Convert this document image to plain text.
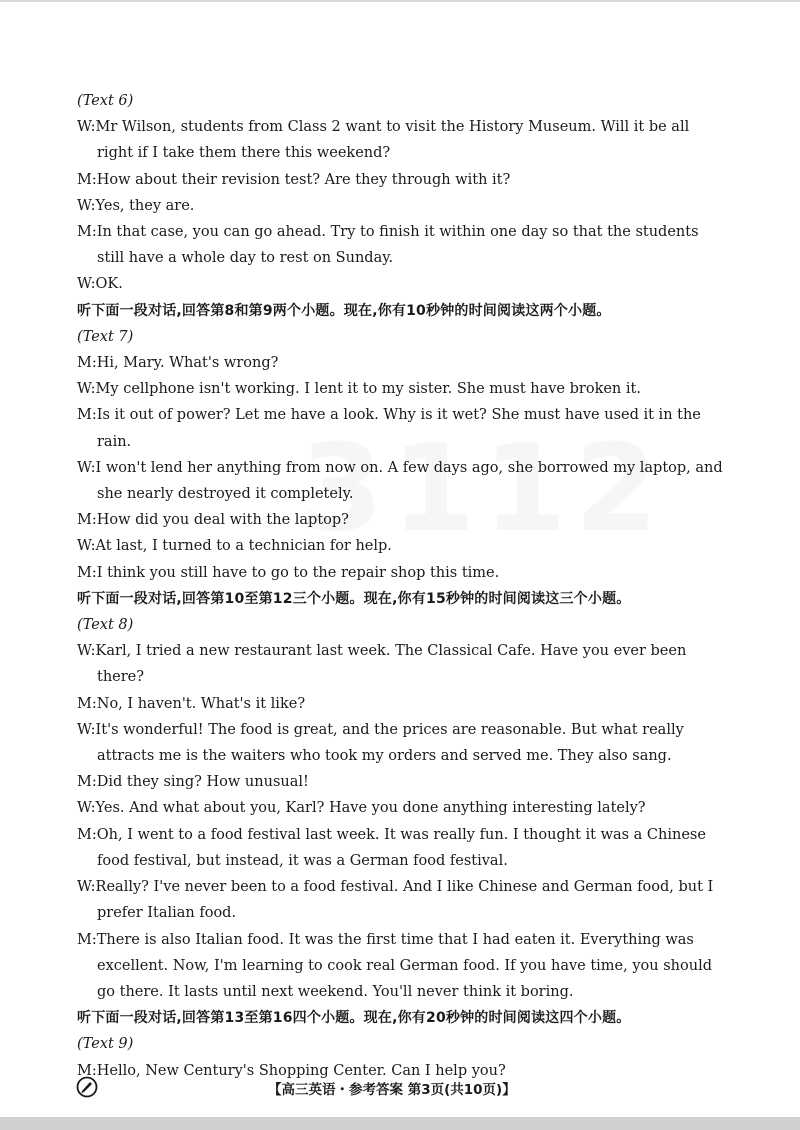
(Text 6)
W:Mr Wilson, students from Class 2 want to visit the History Museum. Will it be all right if I take them there this weekend?
M:How about their revision test? Are they through with it?
W:Yes, they are.
M:In that case, you can go ahead. Try to finish it within one day so that the students still have a whole day to rest on Sunday.
W:OK.
听下面一段对话,回答第8和第9两个小题。现在,你有10秒钟的时间阅读这两个小题。
(Text 7)
M:Hi, Mary. What's wrong?
W:My cellphone isn't working. I lent it to my sister. She must have broken it.
M:Is it out of power? Let me have a look. Why is it wet? She must have used it in the rain.
W:I won't lend her anything from now on. A few days ago, she borrowed my laptop, and she nearly destroyed it completely.
M:How did you deal with the laptop?
W:At last, I turned to a technician for help.
M:I think you still have to go to the repair shop this time.
听下面一段对话,回答第10至第12三个小题。现在,你有15秒钟的时间阅读这三个小题。
(Text 8)
W:Karl, I tried a new restaurant last week. The Classical Cafe. Have you ever been there?
M:No, I haven't. What's it like?
W:It's wonderful! The food is great, and the prices are reasonable. But what really attracts me is the waiters who took my orders and served me. They also sang.
M:Did they sing? How unusual!
W:Yes. And what about you, Karl? Have you done anything interesting lately?
M:Oh, I went to a food festival last week. It was really fun. I thought it was a Chinese food festival, but instead, it was a German food festival.
W:Really? I've never been to a food festival. And I like Chinese and German food, but I prefer Italian food.
M:There is also Italian food. It was the first time that I had eaten it. Everything was excellent. Now, I'm learning to cook real German food. If you have time, you should go there. It lasts until next weekend. You'll never think it boring.
听下面一段对话,回答第13至第16四个小题。现在,你有20秒钟的时间阅读这四个小题。
(Text 9)
M:Hello, New Century's Shopping Center. Can I help you?
【高三英语・参考答案 第3页(共10页)】
